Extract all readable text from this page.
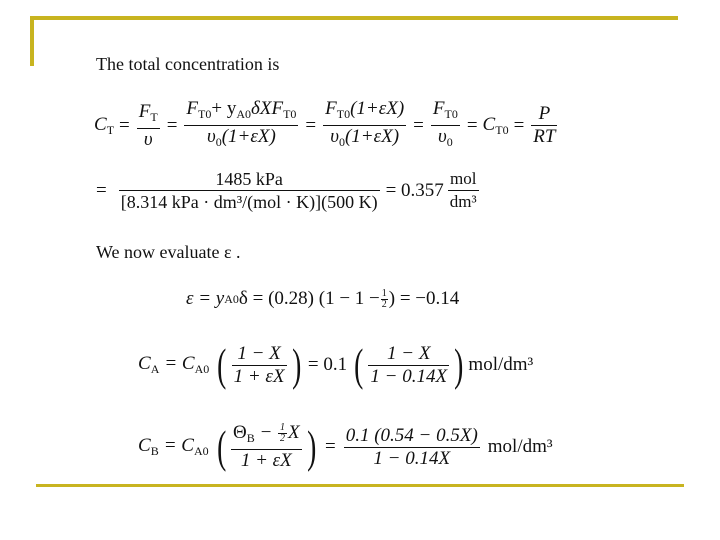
The total concentration is
$C_T = \frac{F_T}{\upsilon} = \frac{F_{T0}+ y_{A0}\delta XF_{T0}}{\upsilon_0(1+\varepsilon X)} = \frac{F_{T0}(1+\varepsilon X)}{\upsilon_0(1+\varepsilon X)} = \frac{F_{T0}}{\upsilon_0} = C_{T0} = \frac{P}{RT}$
= $\frac{\text{1485 kPa}}{\text{[8.314 kPa · dm³/(mol · K)](500 K)}} = 0.357 \frac{\text{mol}}{\text{dm³}}$
We now evaluate ε .
ε = y A0 δ = (0.28) ($1 - 1 - \frac{1}{2}$ ) = −0.14
$C_A = C_{A0}$ ( $\frac{1 - X}{1 + \varepsilon X}$ ) = 0.1 ( $\frac{1 - X}{1 - 0.14X}$ ) mol/dm³
$C_B = C_{A0}$ ( $\frac{\Theta_B - \frac{1}{2} X}{1 + \varepsilon X}$ ) = $\frac{0.1 (0.54 - 0.5X)}{1 - 0.14X} mol/dm^3$
